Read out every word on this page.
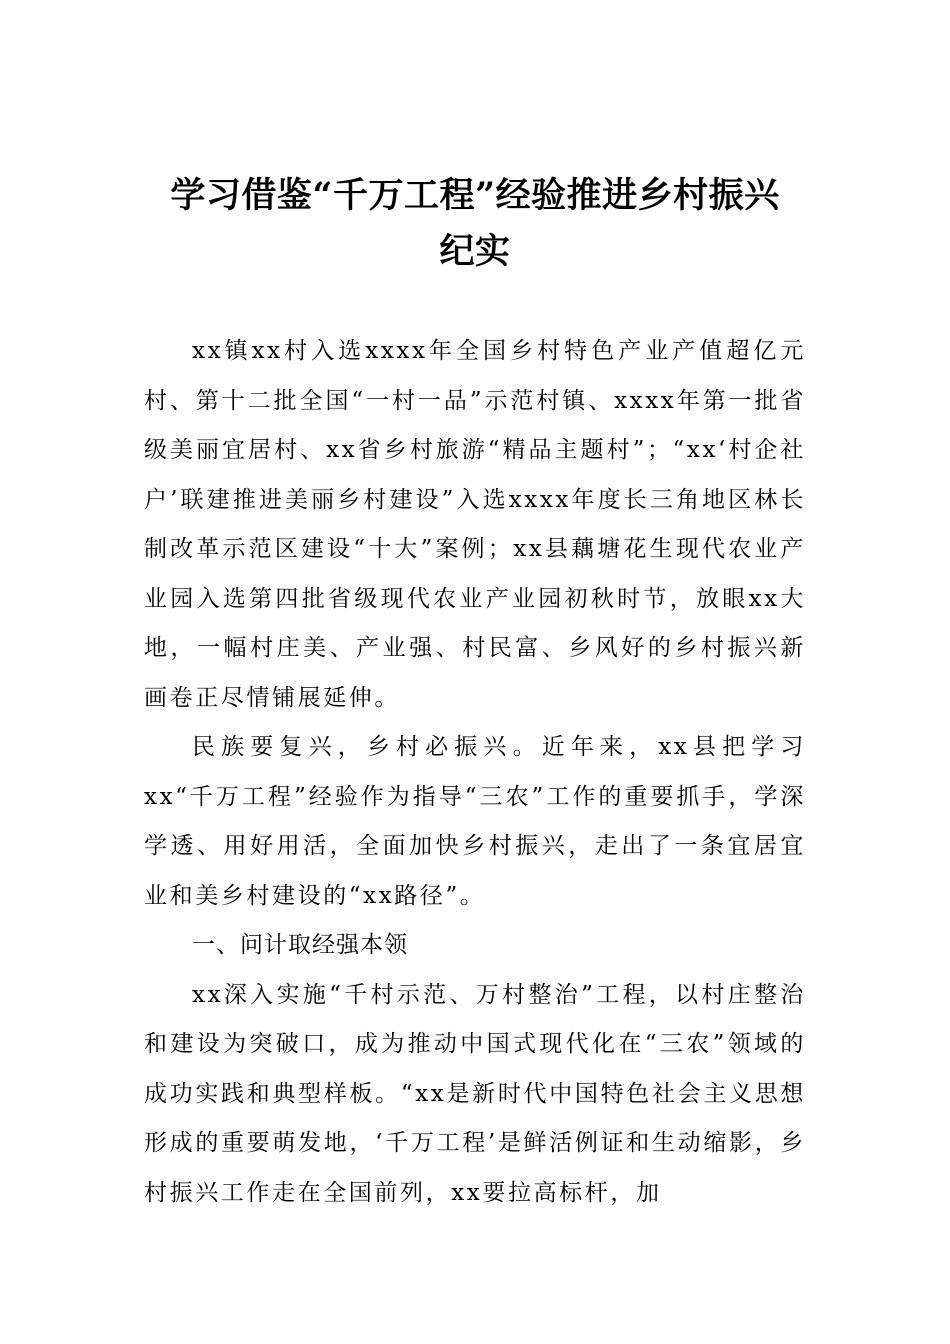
学习借鉴“千万工程”经验推进乡村振兴
纪实

xx镇xx村入选xxxx年全国乡村特色产业产值超亿元村、第十二批全国“一村一品”示范村镇、xxxx年第一批省级美丽宜居村、xx省乡村旅游“精品主题村”；“xx‘村企社户’联建推进美丽乡村建设”入选xxxx年度长三角地区林长制改革示范区建设“十大”案例；xx县藕塘花生现代农业产业园入选第四批省级现代农业产业园初秋时节，放眼xx大地，一幅村庄美、产业强、村民富、乡风好的乡村振兴新画卷正尽情铺展延伸。

民族要复兴，乡村必振兴。近年来，xx县把学习xx“千万工程”经验作为指导“三农”工作的重要抓手，学深学透、用好用活，全面加快乡村振兴，走出了一条宜居宜业和美乡村建设的“xx路径”。

一、问计取经强本领

xx深入实施“千村示范、万村整治”工程，以村庄整治和建设为突破口，成为推动中国式现代化在“三农”领域的成功实践和典型样板。“xx是新时代中国特色社会主义思想形成的重要萌发地，‘千万工程’是鲜活例证和生动缩影，乡村振兴工作走在全国前列，xx要拉高标杆，加
